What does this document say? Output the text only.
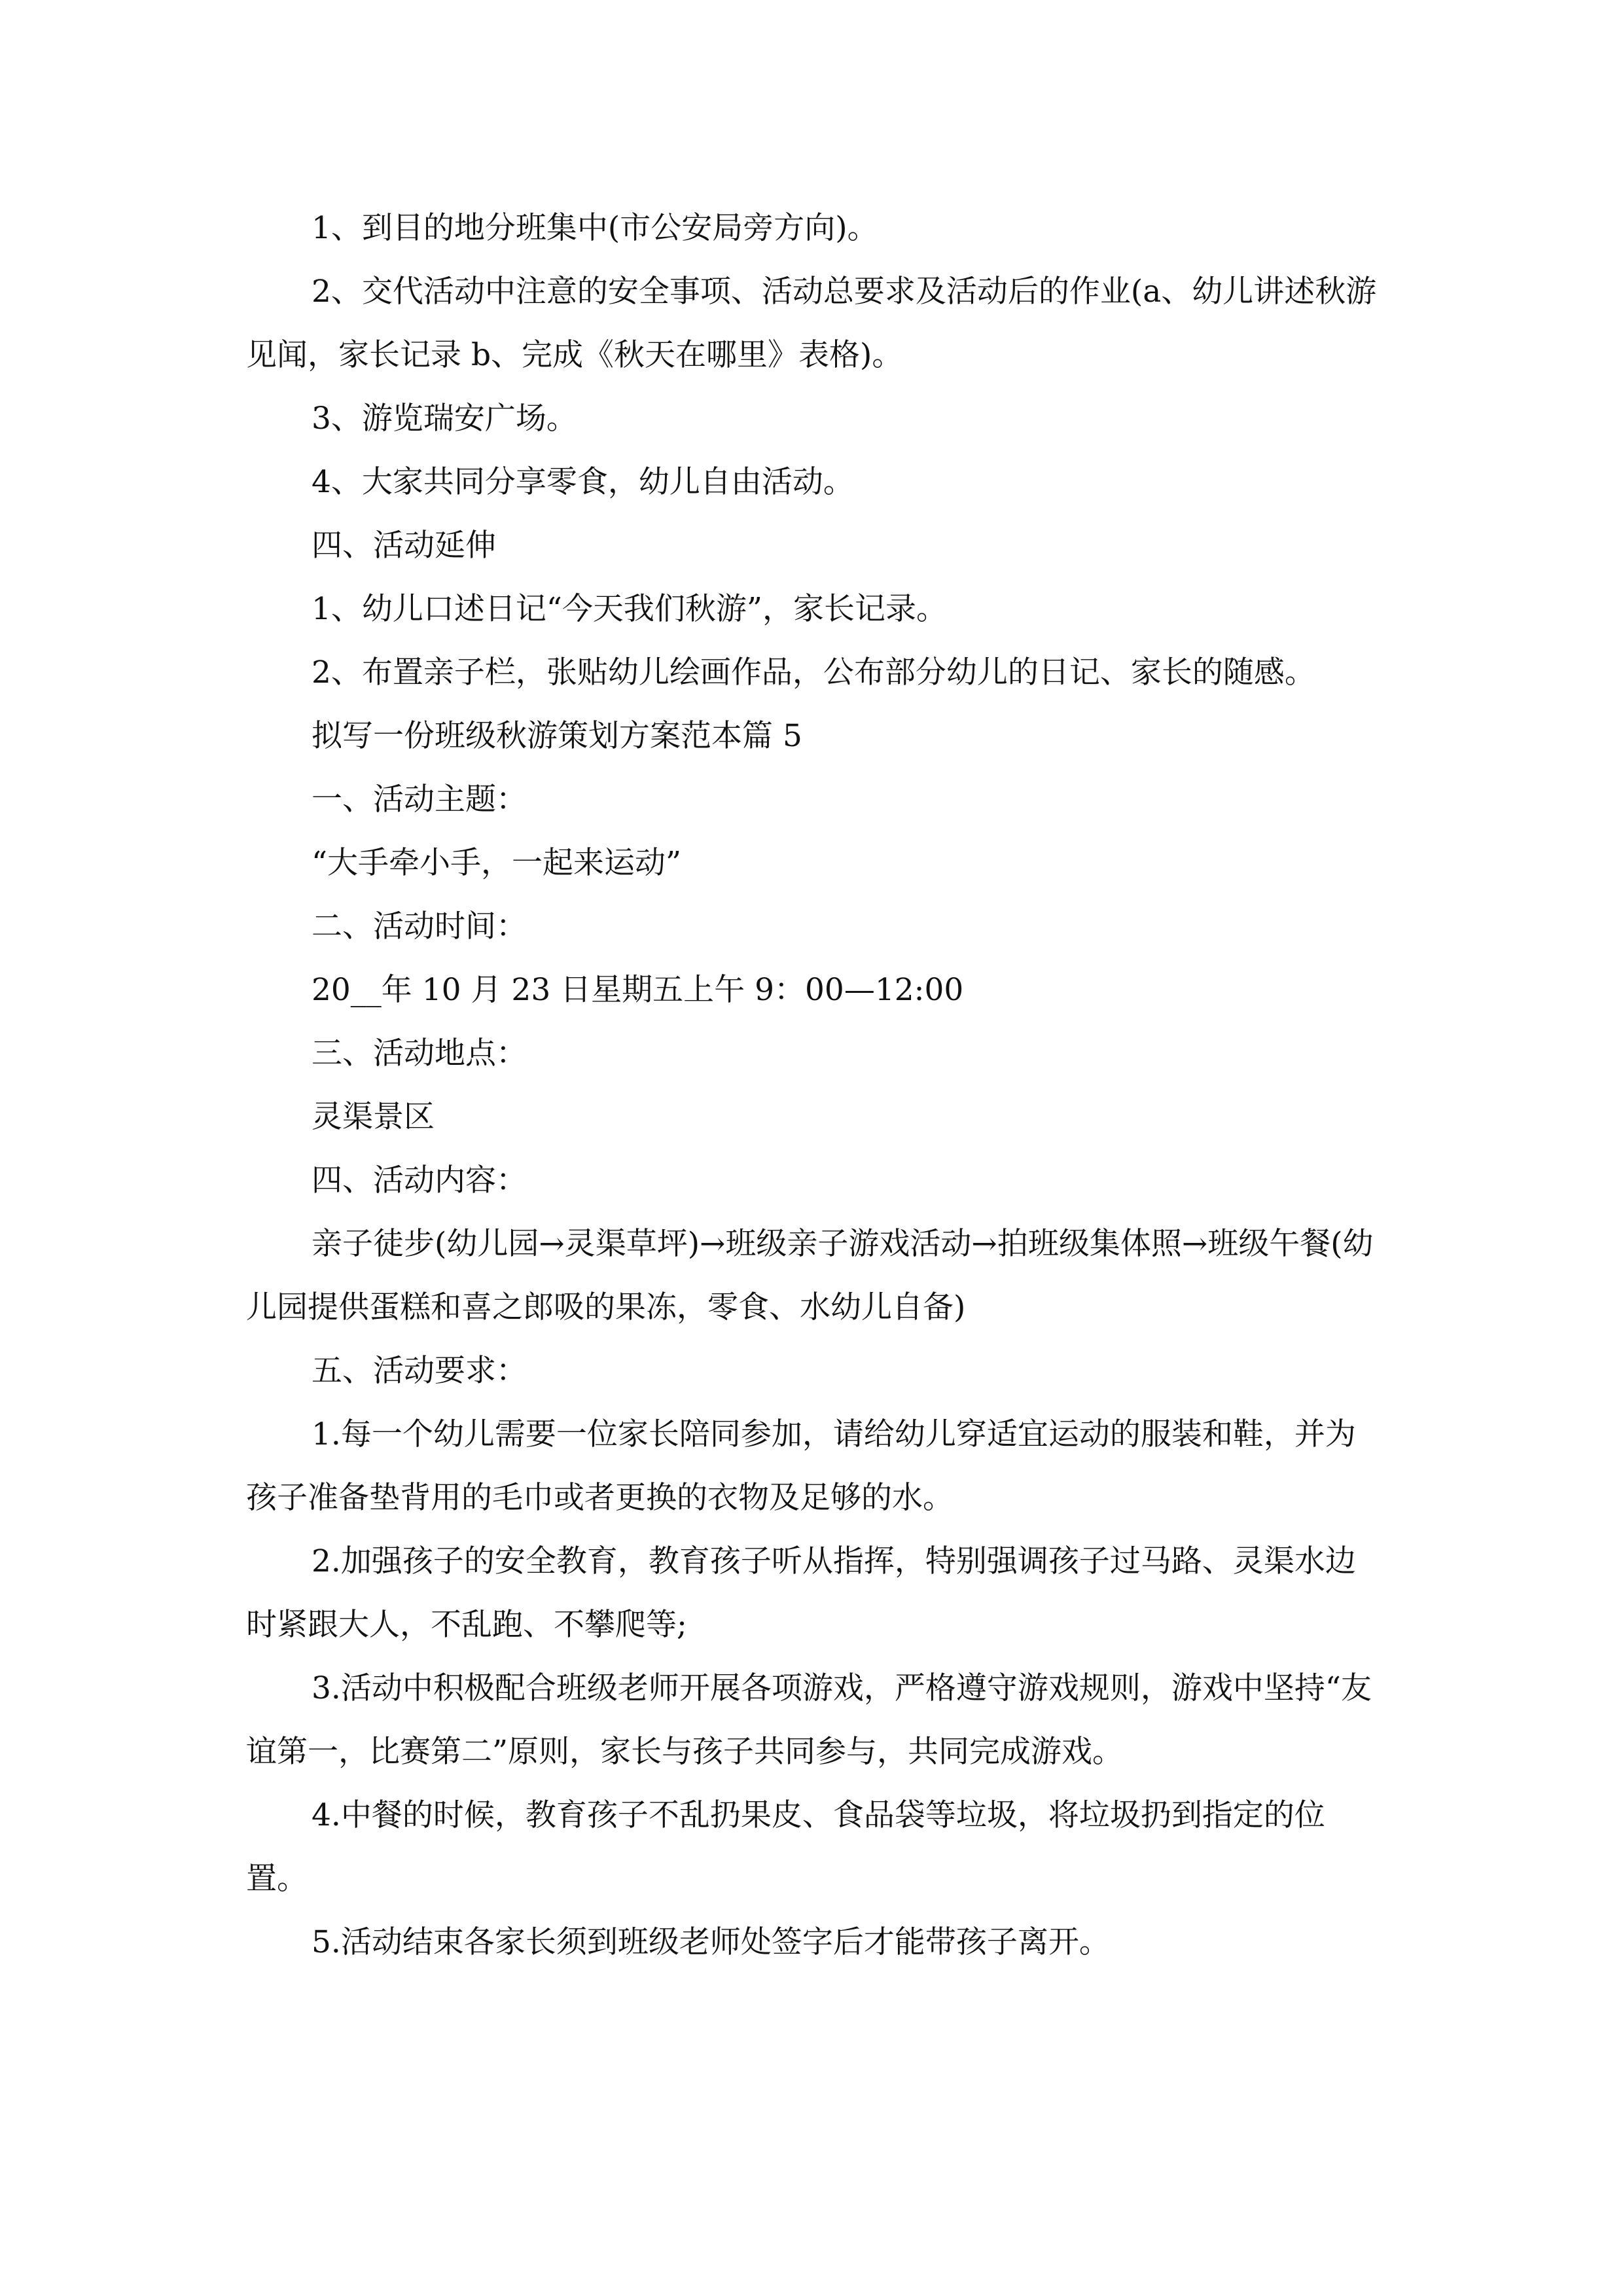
1、到目的地分班集中(市公安局旁方向)。

2、交代活动中注意的安全事项、活动总要求及活动后的作业(a、幼儿讲述秋游见闻，家长记录 b、完成《秋天在哪里》表格)。

3、游览瑞安广场。

4、大家共同分享零食，幼儿自由活动。

四、活动延伸

1、幼儿口述日记“今天我们秋游”，家长记录。

2、布置亲子栏，张贴幼儿绘画作品，公布部分幼儿的日记、家长的随感。

拟写一份班级秋游策划方案范本篇 5

一、活动主题：

“大手牵小手，一起来运动”

二、活动时间：

20__年 10 月 23 日星期五上午 9：00—12:00

三、活动地点：

灵渠景区

四、活动内容：

亲子徒步(幼儿园→灵渠草坪)→班级亲子游戏活动→拍班级集体照→班级午餐(幼儿园提供蛋糕和喜之郎吸的果冻，零食、水幼儿自备)

五、活动要求：

1.每一个幼儿需要一位家长陪同参加，请给幼儿穿适宜运动的服装和鞋，并为孩子准备垫背用的毛巾或者更换的衣物及足够的水。

2.加强孩子的安全教育，教育孩子听从指挥，特别强调孩子过马路、灵渠水边时紧跟大人，不乱跑、不攀爬等;

3.活动中积极配合班级老师开展各项游戏，严格遵守游戏规则，游戏中坚持“友谊第一，比赛第二”原则，家长与孩子共同参与，共同完成游戏。

4.中餐的时候，教育孩子不乱扔果皮、食品袋等垃圾，将垃圾扔到指定的位置。

5.活动结束各家长须到班级老师处签字后才能带孩子离开。
